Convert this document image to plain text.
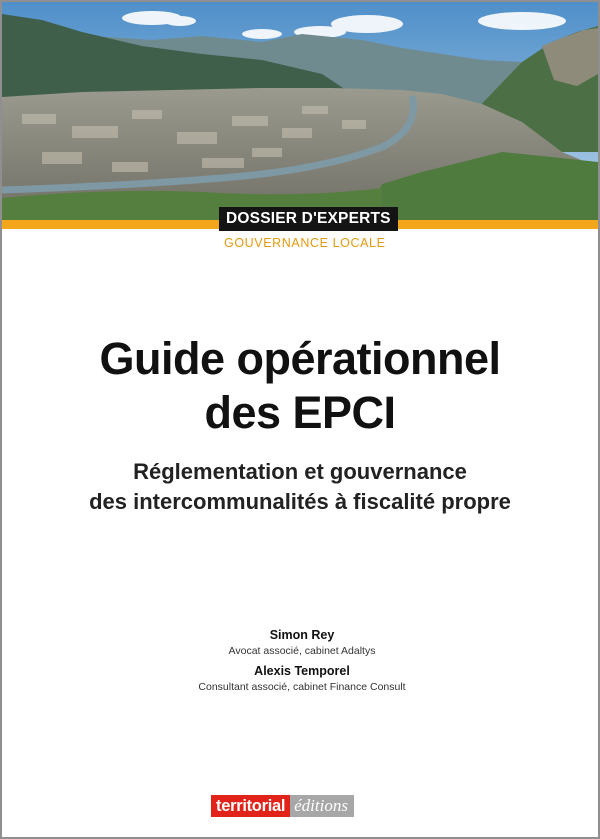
DOSSIER D'EXPERTS
GOUVERNANCE LOCALE
Guide opérationnel
des EPCI
Réglementation et gouvernance
des intercommunalités à fiscalité propre
Simon Rey
Avocat associé, cabinet Adaltys
Alexis Temporel
Consultant associé, cabinet Finance Consult
territorial éditions
